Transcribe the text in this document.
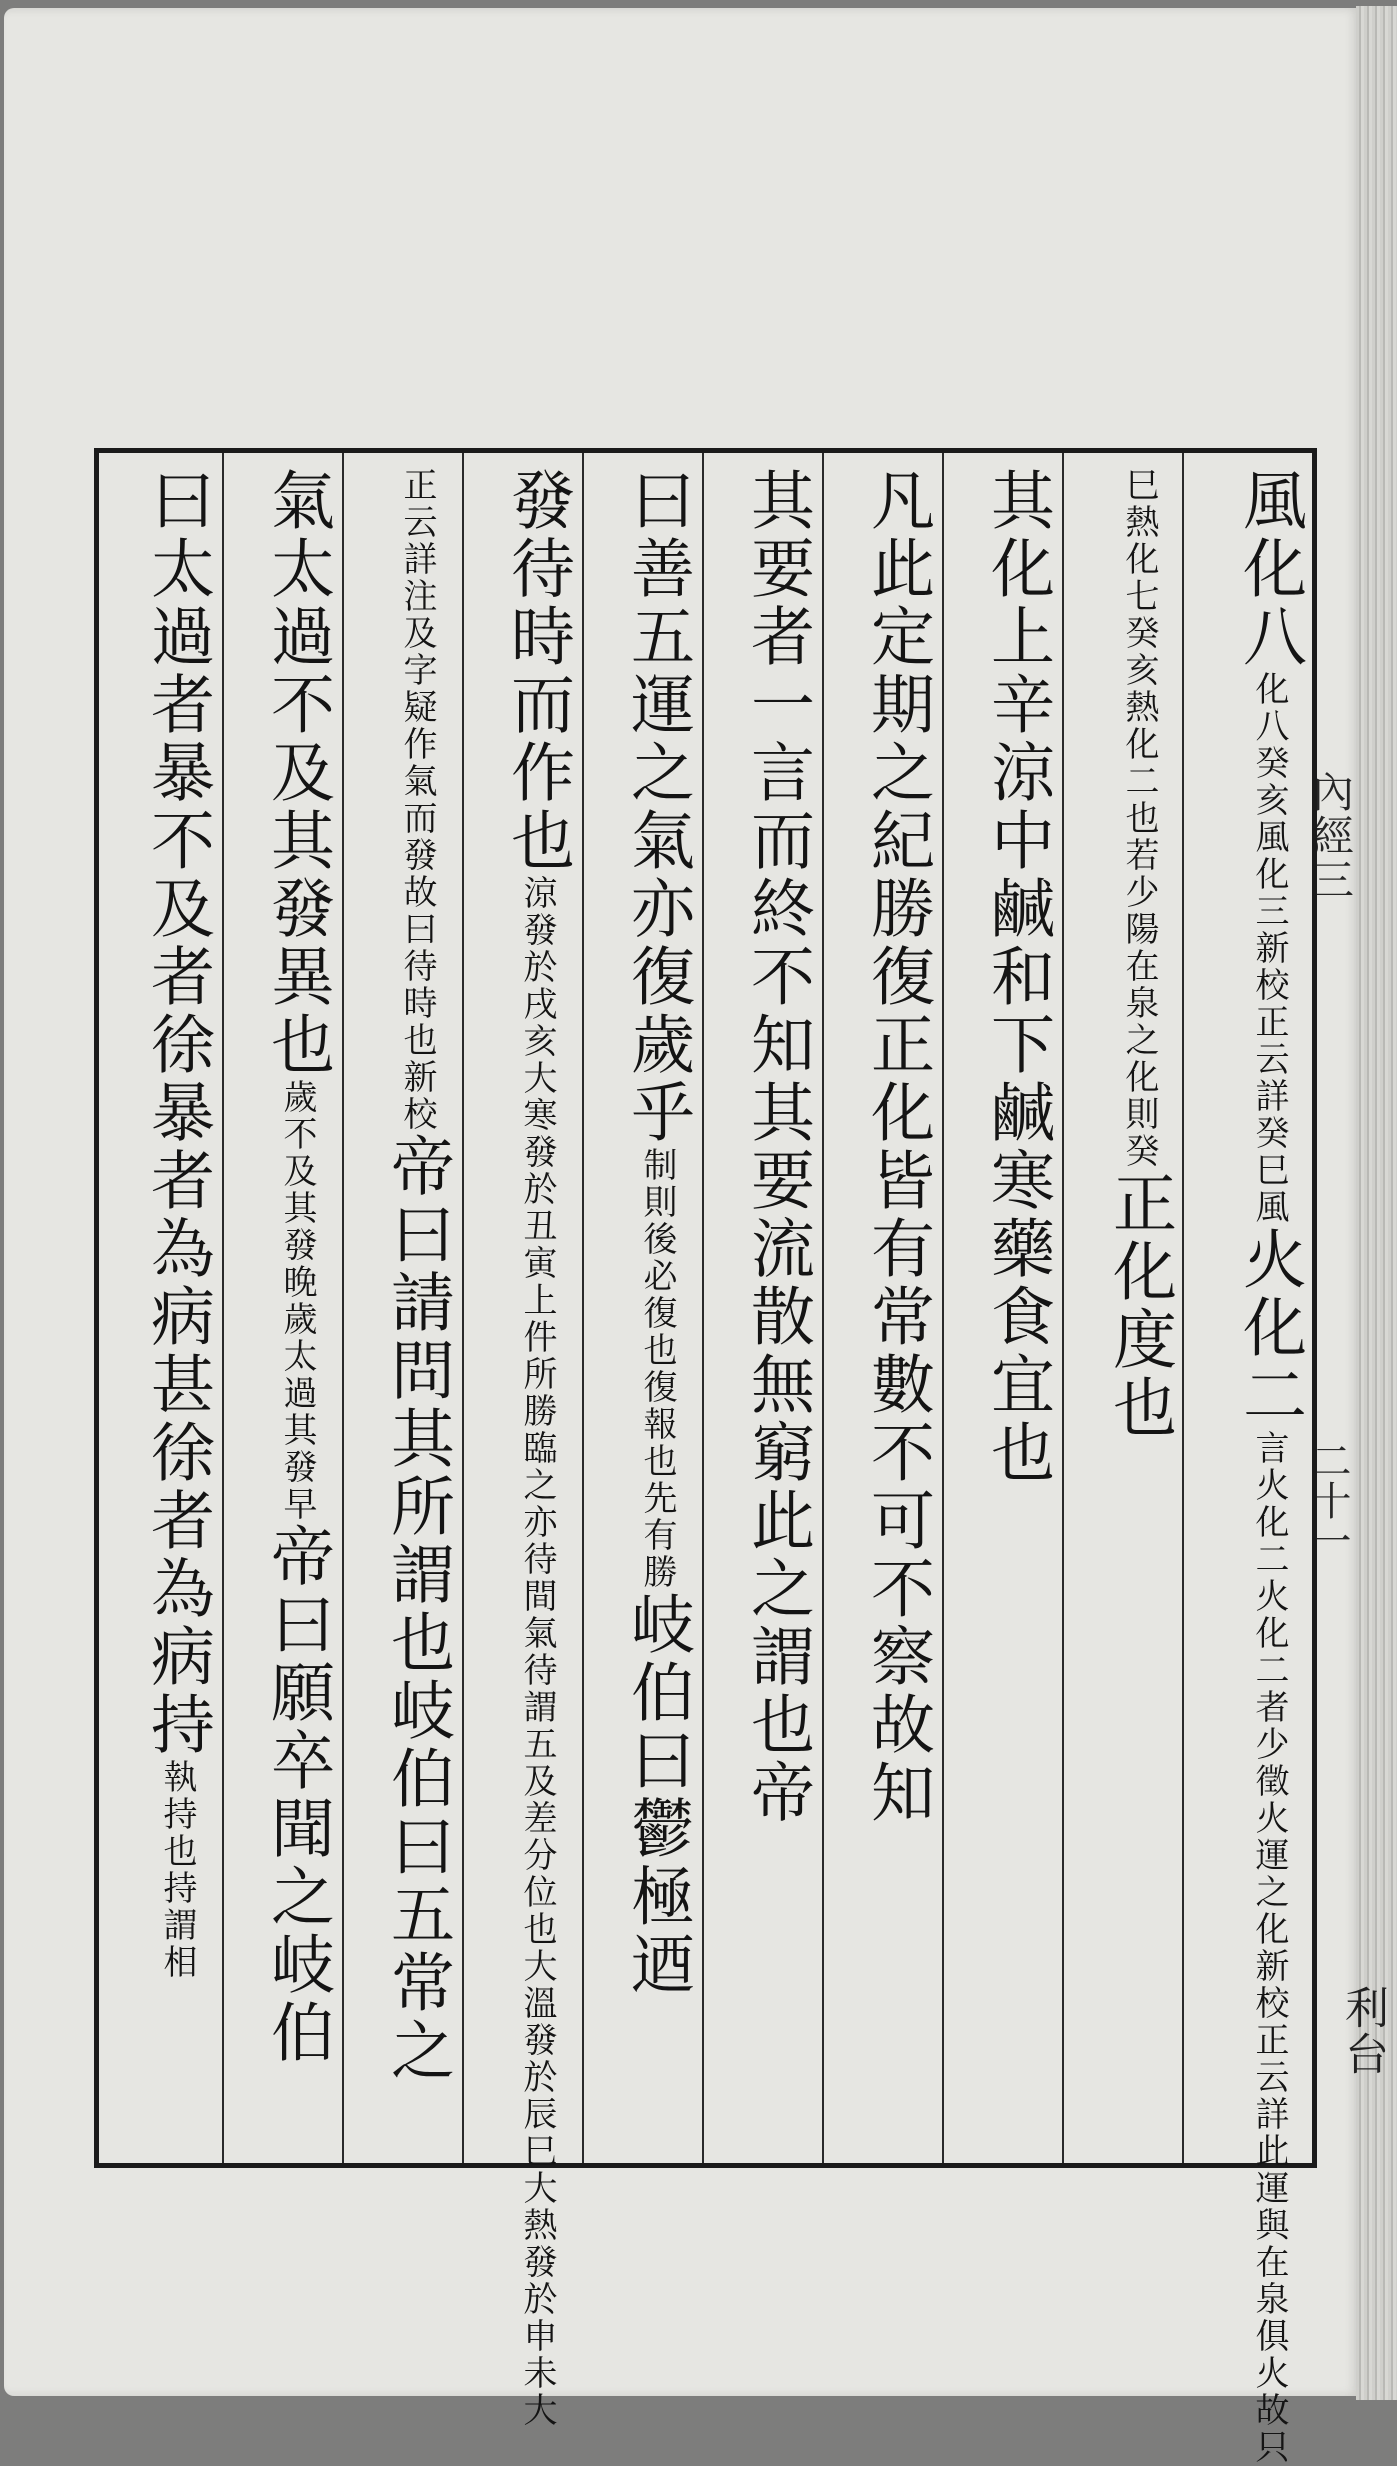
內經三
二十一
利台
風化八
新校正云詳癸巳風
化八癸亥風化三
火化二
新校正云詳此運與在泉俱火故只
言火化二火化二者少徵火運之化
也若少陽在泉之化則癸
巳熱化七癸亥熱化二
正化度也
其化上辛涼中鹹和下鹹寒藥食宜也
凡此定期之紀勝復正化皆有常數不可不察故知
其要者一言而終不知其要流散無窮此之謂也帝
曰善五運之氣亦復歲乎
復報也先有勝
制則後必復也
岐伯曰鬱極迺
發待時而作也
待謂五及差分位也大溫發於辰巳大熱發於申未大
涼發於戌亥大寒發於丑寅上件所勝臨之亦待間氣
而發故曰待時也
正云詳注及字疑作氣
新校帝曰請問其所謂也岐伯曰五常之
氣太過不及其發異也
歲太過其發早
歲不及其發晚
帝曰願卒聞之岐伯
曰太過者暴不及者徐暴者為病甚徐者為病持
持謂相
執持也
